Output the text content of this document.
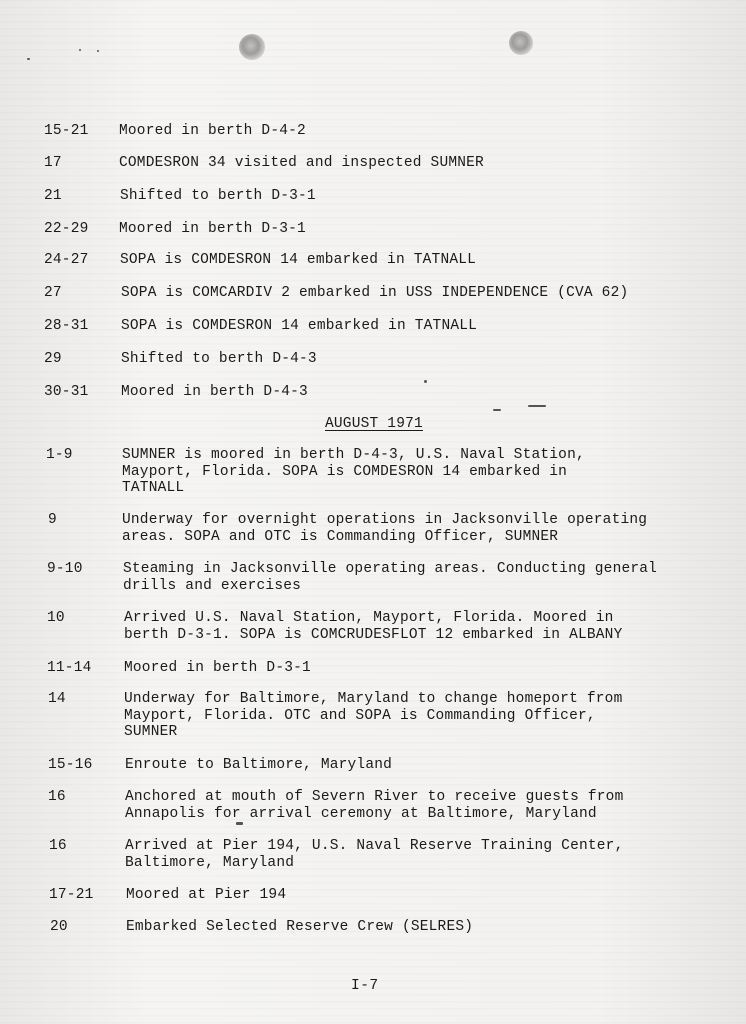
15-21	Moored in berth D-4-2
17	COMDESRON 34 visited and inspected SUMNER
21	Shifted to berth D-3-1
22-29	Moored in berth D-3-1
24-27	SOPA is COMDESRON 14 embarked in TATNALL
27	SOPA is COMCARDIV 2 embarked in USS INDEPENDENCE (CVA 62)
28-31	SOPA is COMDESRON 14 embarked in TATNALL
29	Shifted to berth D-4-3
30-31	Moored in berth D-4-3
AUGUST 1971
1-9	SUMNER is moored in berth D-4-3, U.S. Naval Station,
Mayport, Florida. SOPA is COMDESRON 14 embarked in
TATNALL
9	Underway for overnight operations in Jacksonville operating
areas. SOPA and OTC is Commanding Officer, SUMNER
9-10	Steaming in Jacksonville operating areas. Conducting general
drills and exercises
10	Arrived U.S. Naval Station, Mayport, Florida. Moored in
berth D-3-1. SOPA is COMCRUDESFLOT 12 embarked in ALBANY
11-14	Moored in berth D-3-1
14	Underway for Baltimore, Maryland to change homeport from
Mayport, Florida. OTC and SOPA is Commanding Officer,
SUMNER
15-16	Enroute to Baltimore, Maryland
16	Anchored at mouth of Severn River to receive guests from
Annapolis for arrival ceremony at Baltimore, Maryland
16	Arrived at Pier 194, U.S. Naval Reserve Training Center,
Baltimore, Maryland
17-21	Moored at Pier 194
20	Embarked Selected Reserve Crew (SELRES)
I-7
